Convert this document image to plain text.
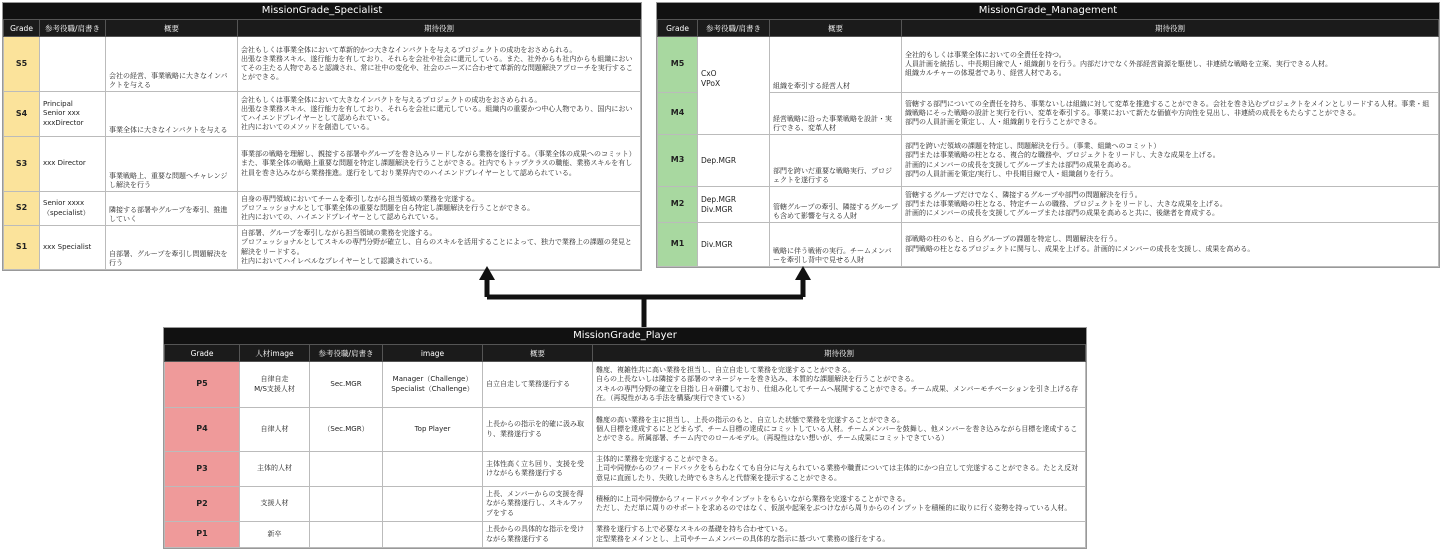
MissionGrade_Specialist
Grade	参考役職/肩書き	概要	期待役割
S5		会社の経営、事業戦略に大きなインパクトを与える	会社もしくは事業全体において革新的かつ大きなインパクトを与えるプロジェクトの成功をおさめられる。
出張なき業務スキル、遂行能力を有しており、それらを会社や社会に還元している。また、社外からも社内からも組織においてその主たる人物であると認識され、常に社中の変化や、社会のニーズに合わせて革新的な問題解決アプローチを実行することができる。
S4	Principal
Senior xxx
xxxDirector	事業全体に大きなインパクトを与える	会社もしくは事業全体において大きなインパクトを与えるプロジェクトの成功をおさめられる。
出張なき業務スキル、遂行能力を有しており、それらを会社に還元している。組織内の重要かつ中心人物であり、国内においてハイエンドプレイヤーとして認められている。
社内においてのメソッドを創造している。
S3	xxx Director	事業戦略上、重要な問題へチャレンジし解決を行う	事業部の戦略を理解し、親接する部署やグループを巻き込みリードしながら業務を遂行する。（事業全体の成果へのコミット）
また、事業全体の戦略上重要な問題を特定し課題解決を行うことができる。社内でもトップクラスの職能、業務スキルを有し社員を巻き込みながら業務推進。遂行をしており業界内でのハイエンドプレイヤーとして認められている。
S2	Senior xxxx
（specialist）	隣接する部署やグループを牽引、推進していく	自身の専門領域においてチームを牽引しながら担当領域の業務を完遂する。
プロフェッショナルとして事業全体の重要な問題を自ら特定し課題解決を行うことができる。
社内においての、ハイエンドプレイヤーとして認められている。
S1	xxx Specialist	自部署、グループを牽引し問題解決を行う	自部署、グループを牽引しながら担当領域の業務を完遂する。
プロフェッショナルとしてスキルの専門分野が確立し、自らのスキルを活用することによって、独力で業務上の課題の発見と解決をリードする。
社内においてハイレベルなプレイヤーとして認識されている。
MissionGrade_Management
Grade	参考役職/肩書き	概要	期待役割
M5	CxO
VPoX	組織を牽引する経営人材	全社的もしくは事業全体においての全責任を持つ。
人員計画を統括し、中長期目線で人・組織創りを行う。内部だけでなく外部経営資源を駆使し、非連続な戦略を立案、実行できる人材。
組織カルチャーの体現者であり、経営人材である。
M4		経営戦略に沿った事業戦略を設計・実行できる、変革人材	管轄する部門についての全責任を持ち、事業ないしは組織に対して変革を推進することができる。会社を巻き込むプロジェクトをメインとしリードする人材。事業・組織戦略にそった戦略の設計と実行を行い、変革を牽引する。事業において新たな価値や方向性を見出し、非連続の成長をもたらすことができる。
部門の人員計画を策定し、人・組織創りを行うことができる。
M3	Dep.MGR	部門を跨いだ重要な戦略実行、プロジェクトを遂行する	部門を跨いだ領域の課題を特定し、問題解決を行う。（事業、組織へのコミット）
部門または事業戦略の柱となる、複合的な職務や、プロジェクトをリードし、大きな成果を上げる。
計画的にメンバーの成長を支援してグループまたは部門の成果を高める。
部門の人員計画を策定/実行し、中長期目線で人・組織創りを行う。
M2	Dep.MGR
Div.MGR	管轄グループの牽引、隣接するグループも含めて影響を与える人財	管轄するグループだけでなく、隣接するグループや部門の問題解決を行う。
部門または事業戦略の柱となる、特定チームの職務、プロジェクトをリードし、大きな成果を上げる。
計画的にメンバーの成長を支援してグループまたは部門の成果を高めると共に、後継者を育成する。
M1	Div.MGR	戦略に伴う戦術の実行。チームメンバーを牽引し背中で見せる人財	部戦略の柱のもと、自らグループの課題を特定し、問題解決を行う。
部門戦略の柱となるプロジェクトに関与し、成果を上げる。計画的にメンバーの成長を支援し、成果を高める。
MissionGrade_Player
Grade	人材image	参考役職/肩書き	image	概要	期待役割
P5	自律自走
M/S支援人材	Sec.MGR	Manager（Challenge）
Specialist（Challenge）	自立自走して業務遂行する	難度、複雑性共に高い業務を担当し、自立自走して業務を完遂することができる。
自らの上長ないしは隣接する部署のマネージャーを巻き込み、本質的な課題解決を行うことができる。
スキルの専門分野の確立を目指し日々研鑽しており、仕組み化してチームへ展開することができる。チーム成果、メンバーモチベーションを引き上げる存在。（再現性がある手法を構築/実行できている）
P4	自律人材	（Sec.MGR）	Top Player	上長からの指示を的確に汲み取り、業務遂行する	難度の高い業務を主に担当し、上長の指示のもと、自立した状態で業務を完遂することができる。
個人目標を達成するにとどまらず、チーム目標の達成にコミットしている人材。チームメンバーを鼓舞し、他メンバーを巻き込みながら目標を達成することができる。所属部署、チーム内でのロールモデル。（再現性はない想いが、チーム成果にコミットできている）
P3	主体的人材			主体性高く立ち回り、支援を受けながらも業務遂行する	主体的に業務を完遂することができる。
上司や同僚からのフィードバックをもらわなくても自分に与えられている業務や職責については主体的にかつ自立して完遂することができる。たとえ反対意見に直面したり、失敗した時でもきちんと代替案を提示することができる。
P2	支援人材			上長、メンバーからの支援を得ながら業務遂行し、スキルアップをする	積極的に上司や同僚からフィードバックやインプットをもらいながら業務を完遂することができる。
ただし、ただ単に周りのサポートを求めるのではなく、仮説や起案をぶつけながら周りからのインプットを積極的に取りに行く姿勢を持っている人材。
P1	新卒			上長からの具体的な指示を受けながら業務遂行する	業務を遂行する上で必要なスキルの基礎を持ち合わせている。
定型業務をメインとし、上司やチームメンバーの具体的な指示に基づいて業務の遂行をする。
